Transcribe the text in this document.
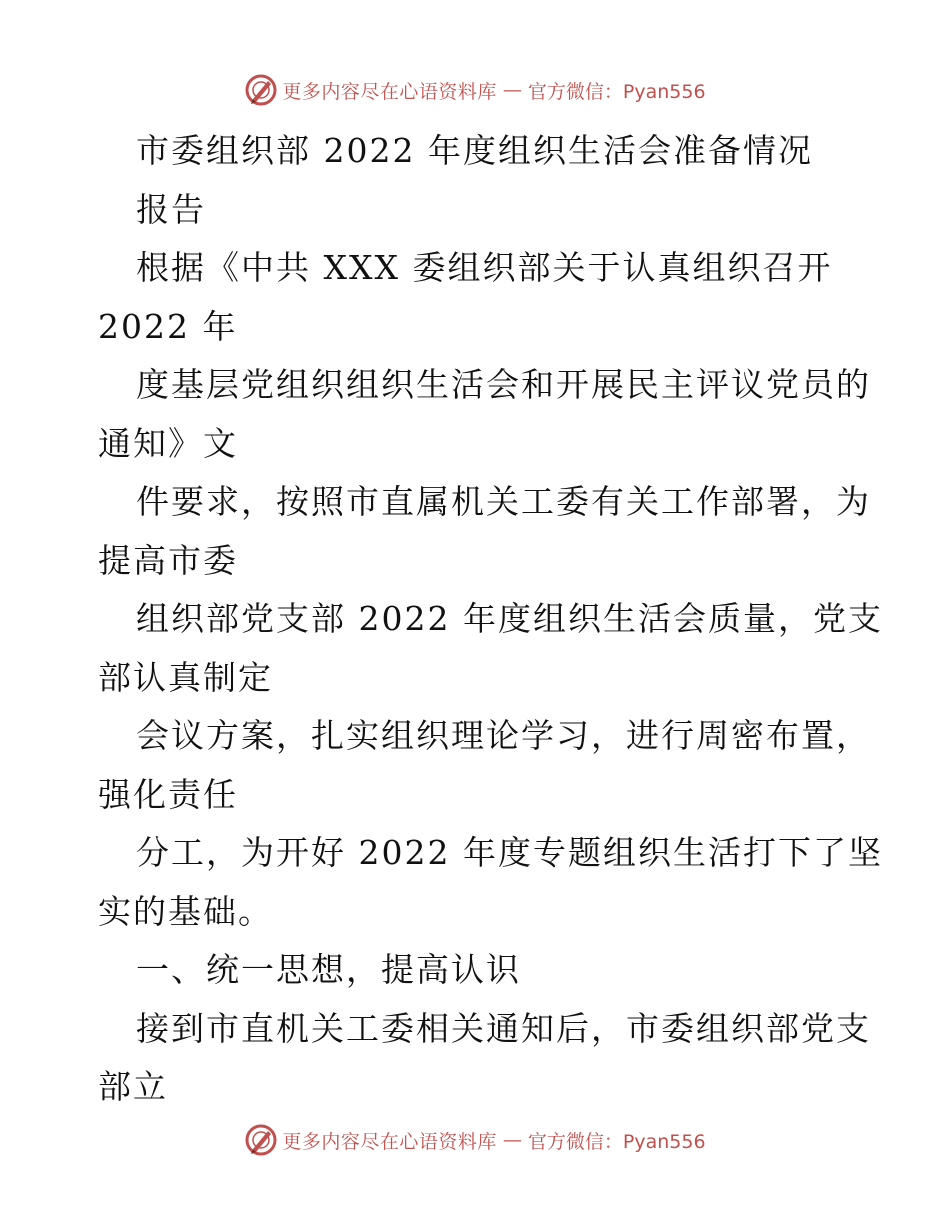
更多内容尽在心语资料库 — 官方微信：Pyan556
市委组织部 2022 年度组织生活会准备情况
报告
根据《中共 XXX 委组织部关于认真组织召开
2022 年
度基层党组织组织生活会和开展民主评议党员的
通知》文
件要求，按照市直属机关工委有关工作部署，为
提高市委
组织部党支部 2022 年度组织生活会质量，党支
部认真制定
会议方案，扎实组织理论学习，进行周密布置，
强化责任
分工，为开好 2022 年度专题组织生活打下了坚
实的基础。
一、统一思想，提高认识
接到市直机关工委相关通知后，市委组织部党支
部立
更多内容尽在心语资料库 — 官方微信：Pyan556
